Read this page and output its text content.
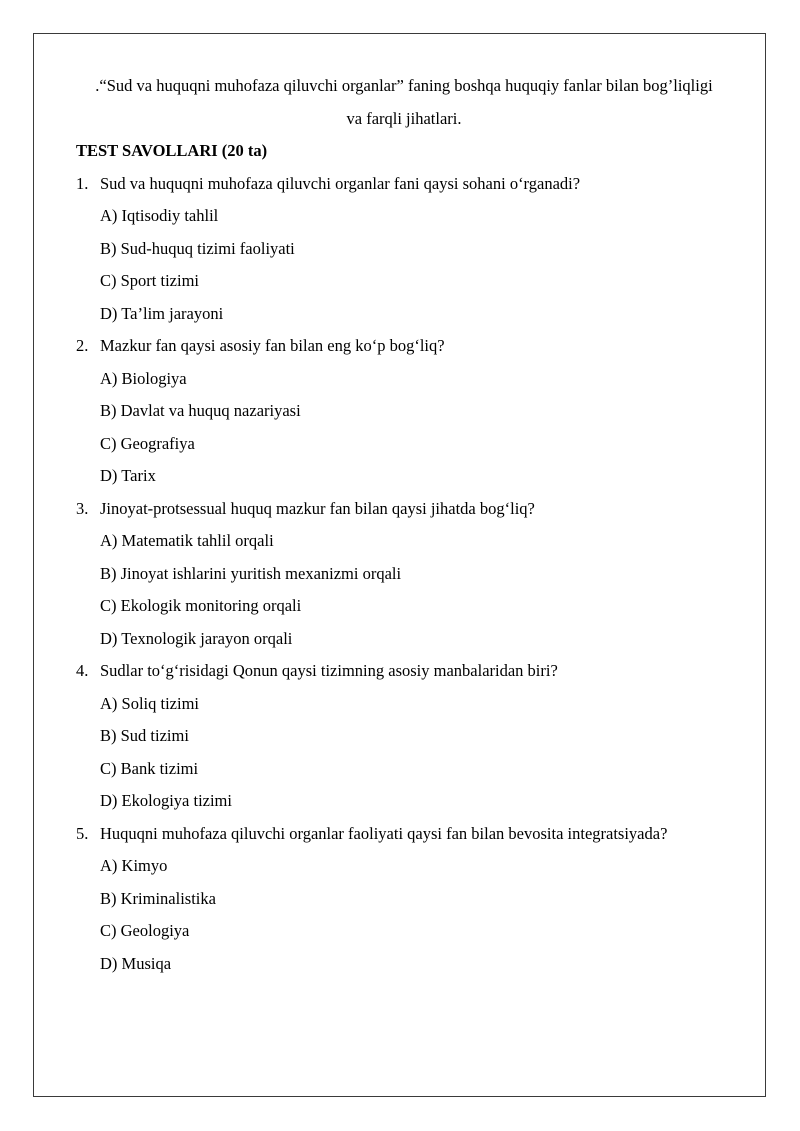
.“Sud va huquqni muhofaza qiluvchi organlar” faning boshqa huquqiy fanlar bilan bog’liqligi va farqli jihatlari.

TEST SAVOLLARI (20 ta)

1. Sud va huquqni muhofaza qiluvchi organlar fani qaysi sohani o‘rganadi?
A) Iqtisodiy tahlil
B) Sud-huquq tizimi faoliyati
C) Sport tizimi
D) Ta’lim jarayoni
2. Mazkur fan qaysi asosiy fan bilan eng ko‘p bog‘liq?
A) Biologiya
B) Davlat va huquq nazariyasi
C) Geografiya
D) Tarix
3. Jinoyat-protsessual huquq mazkur fan bilan qaysi jihatda bog‘liq?
A) Matematik tahlil orqali
B) Jinoyat ishlarini yuritish mexanizmi orqali
C) Ekologik monitoring orqali
D) Texnologik jarayon orqali
4. Sudlar to‘g‘risidagi Qonun qaysi tizimning asosiy manbalaridan biri?
A) Soliq tizimi
B) Sud tizimi
C) Bank tizimi
D) Ekologiya tizimi
5. Huquqni muhofaza qiluvchi organlar faoliyati qaysi fan bilan bevosita integratsiyada?
A) Kimyo
B) Kriminalistika
C) Geologiya
D) Musiqa
